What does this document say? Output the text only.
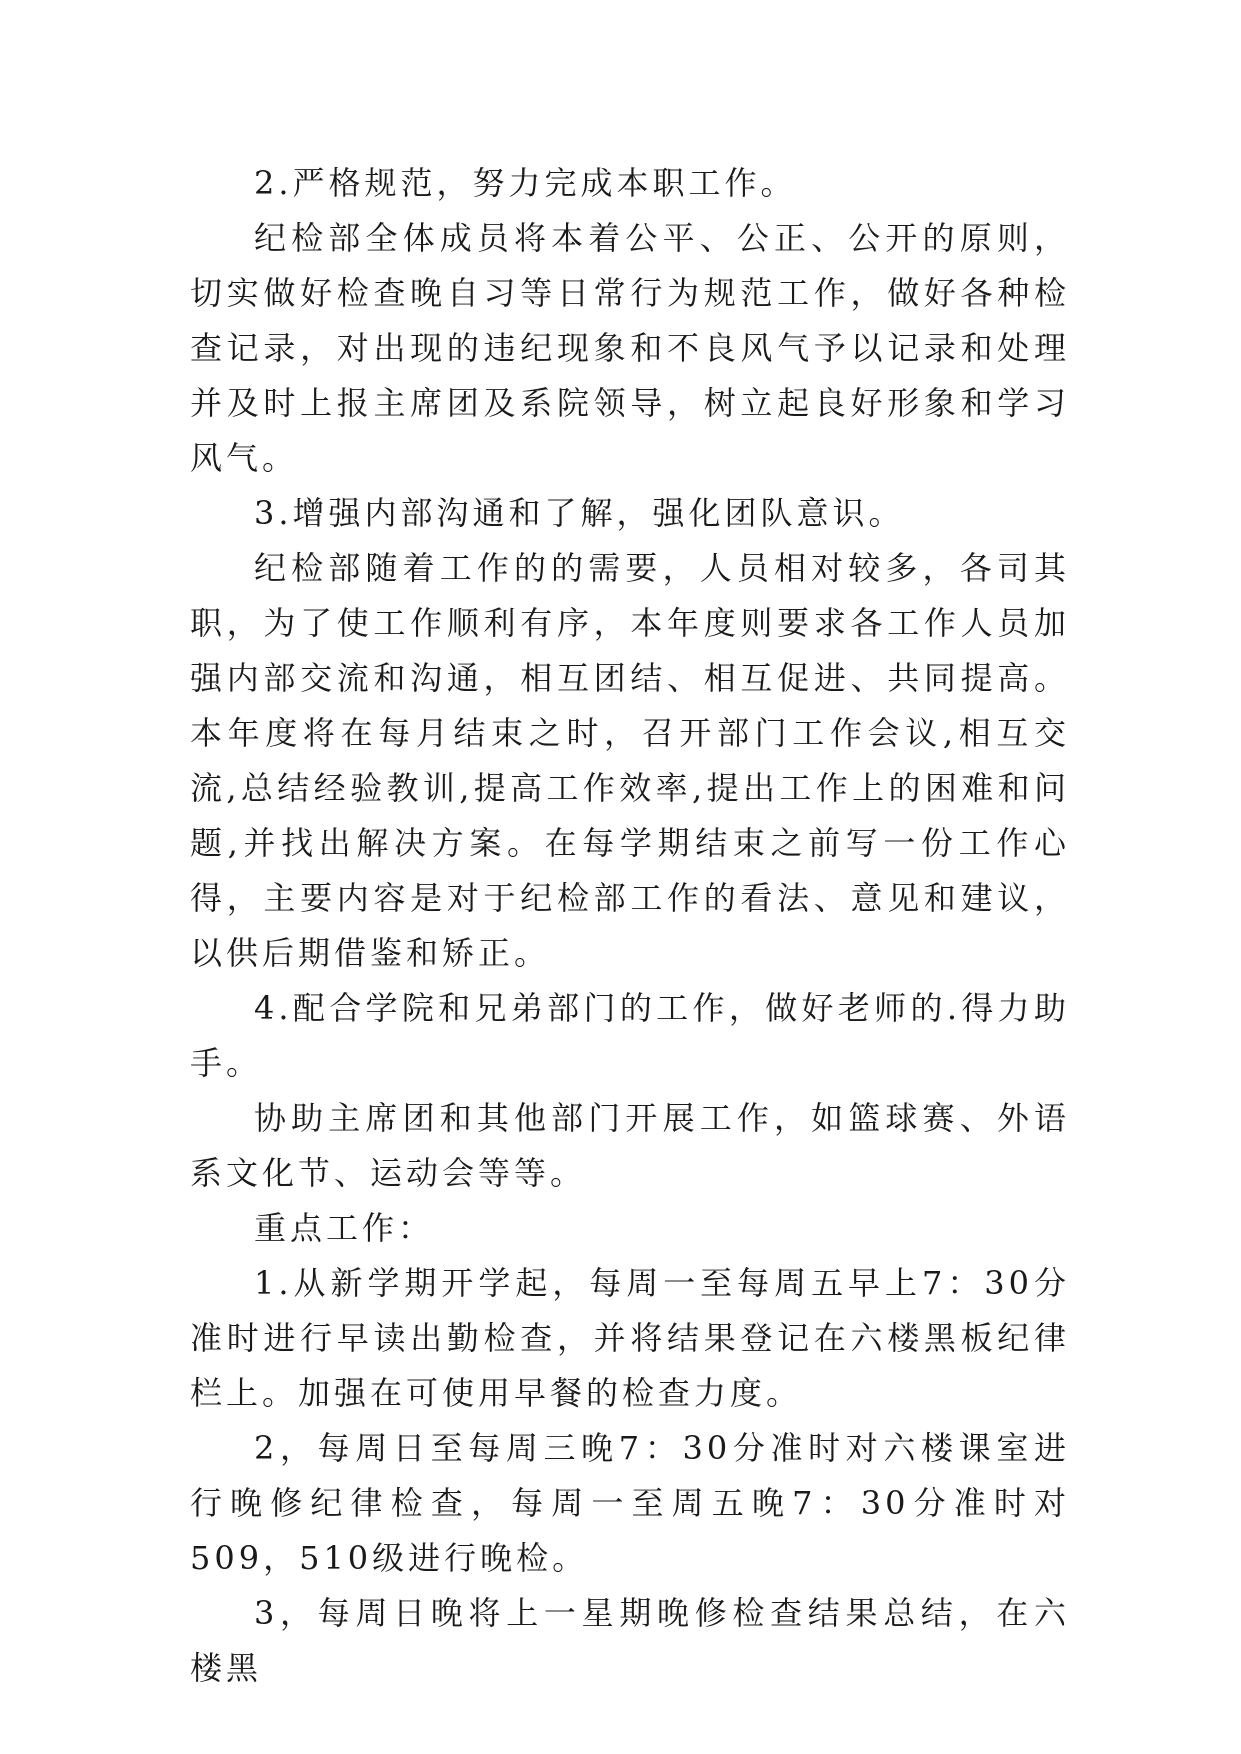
2.严格规范，努力完成本职工作。

纪检部全体成员将本着公平、公正、公开的原则，切实做好检查晚自习等日常行为规范工作，做好各种检查记录，对出现的违纪现象和不良风气予以记录和处理并及时上报主席团及系院领导，树立起良好形象和学习风气。

3.增强内部沟通和了解，强化团队意识。

纪检部随着工作的的需要，人员相对较多，各司其职，为了使工作顺利有序，本年度则要求各工作人员加强内部交流和沟通，相互团结、相互促进、共同提高。本年度将在每月结束之时，召开部门工作会议,相互交流,总结经验教训,提高工作效率,提出工作上的困难和问题,并找出解决方案。在每学期结束之前写一份工作心得，主要内容是对于纪检部工作的看法、意见和建议，以供后期借鉴和矫正。

4.配合学院和兄弟部门的工作，做好老师的.得力助手。

协助主席团和其他部门开展工作，如篮球赛、外语系文化节、运动会等等。

重点工作：

1.从新学期开学起，每周一至每周五早上7：30分准时进行早读出勤检查，并将结果登记在六楼黑板纪律栏上。加强在可使用早餐的检查力度。

2，每周日至每周三晚7：30分准时对六楼课室进行晚修纪律检查，每周一至周五晚7：30分准时对509，510级进行晚检。

3，每周日晚将上一星期晚修检查结果总结，在六楼黑
